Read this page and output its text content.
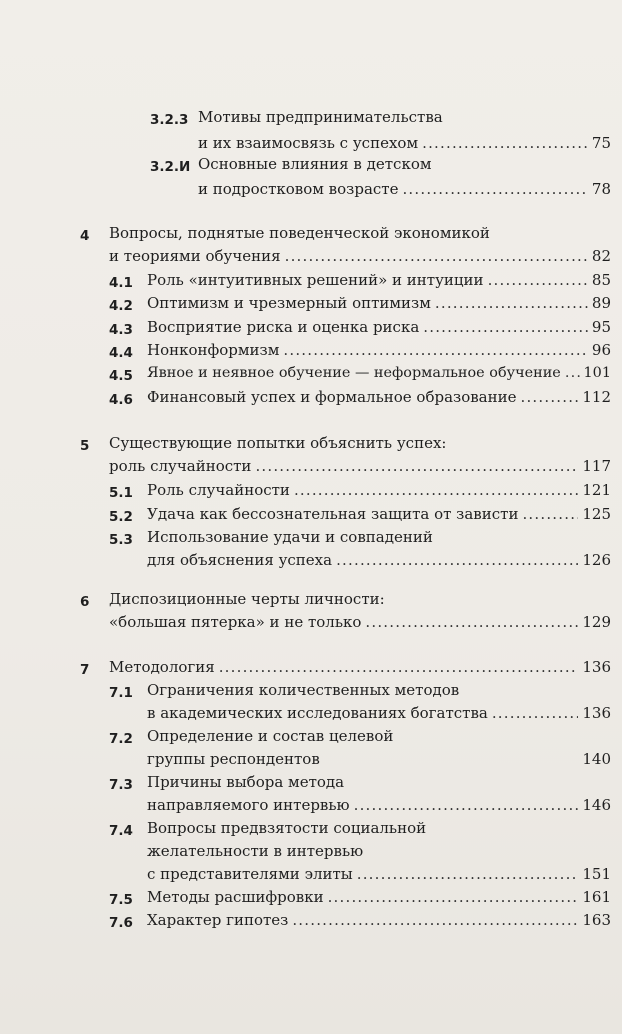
3.2.3 Мотивы предпринимательства
и их взаимосвязь с успехом .....	75
3.2.И Основные влияния в детском
и подростковом возрасте .....	78
4 Вопросы, поднятые поведенческой экономикой
и теориями обучения .....	82
4.1 Роль «интуитивных решений» и интуиции .....	85
4.2 Оптимизм и чрезмерный оптимизм .....	89
4.3 Восприятие риска и оценка риска .....	95
4.4 Нонконформизм .....	96
4.5 Явное и неявное обучение — неформальное обучение ..... 101
4.6 Финансовый успех и формальное образование .....	112
5 Существующие попытки объяснить успех:
роль случайности .....	117
5.1 Роль случайности .....	121
5.2 Удача как бессознательная защита от зависти .....	125
5.3 Использование удачи и совпадений
для объяснения успеха .....	126
6 Диспозиционные черты личности:
«большая пятерка» и не только .....	129
7 Методология .....	136
7.1 Ограничения количественных методов
в академических исследованиях богатства .....	136
7.2 Определение и состав целевой
группы респондентов	140
7.3 Причины выбора метода
направляемого интервью .....	146
7.4 Вопросы предвзятости социальной
желательности в интервью
с представителями элиты .....	151
7.5 Методы расшифровки .....	161
7.6 Характер гипотез .....	163
